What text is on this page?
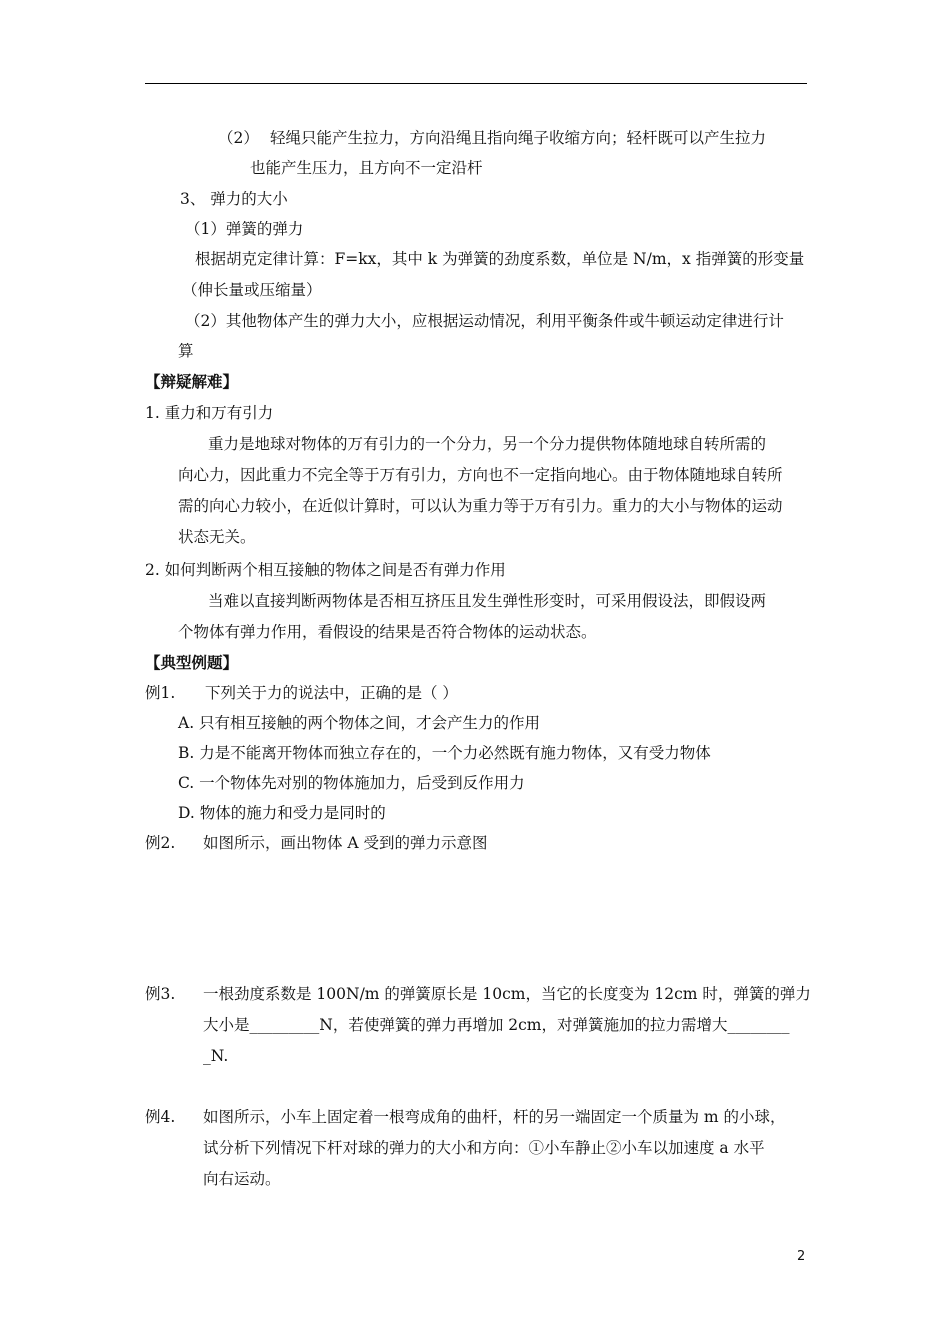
（2） 轻绳只能产生拉力，方向沿绳且指向绳子收缩方向；轻杆既可以产生拉力
也能产生压力，且方向不一定沿杆
3、 弹力的大小
（1）弹簧的弹力
根据胡克定律计算：F=kx，其中 k 为弹簧的劲度系数，单位是 N/m，x 指弹簧的形变量
（伸长量或压缩量）
（2）其他物体产生的弹力大小，应根据运动情况，利用平衡条件或牛顿运动定律进行计
算
【辩疑解难】
1. 重力和万有引力
重力是地球对物体的万有引力的一个分力，另一个分力提供物体随地球自转所需的
向心力，因此重力不完全等于万有引力，方向也不一定指向地心。由于物体随地球自转所
需的向心力较小，在近似计算时，可以认为重力等于万有引力。重力的大小与物体的运动
状态无关。
2. 如何判断两个相互接触的物体之间是否有弹力作用
当难以直接判断两物体是否相互挤压且发生弹性形变时，可采用假设法，即假设两
个物体有弹力作用，看假设的结果是否符合物体的运动状态。
【典型例题】
例1. 下列关于力的说法中，正确的是（ ）
A. 只有相互接触的两个物体之间，才会产生力的作用
B. 力是不能离开物体而独立存在的，一个力必然既有施力物体，又有受力物体
C. 一个物体先对别的物体施加力，后受到反作用力
D. 物体的施力和受力是同时的
例2. 如图所示，画出物体 A 受到的弹力示意图
例3. 一根劲度系数是 100N/m 的弹簧原长是 10cm，当它的长度变为 12cm 时，弹簧的弹力
大小是_________N，若使弹簧的弹力再增加 2cm，对弹簧施加的拉力需增大________
_N.
例4. 如图所示，小车上固定着一根弯成角的曲杆，杆的另一端固定一个质量为 m 的小球，
试分析下列情况下杆对球的弹力的大小和方向：①小车静止②小车以加速度 a 水平
向右运动。
2
